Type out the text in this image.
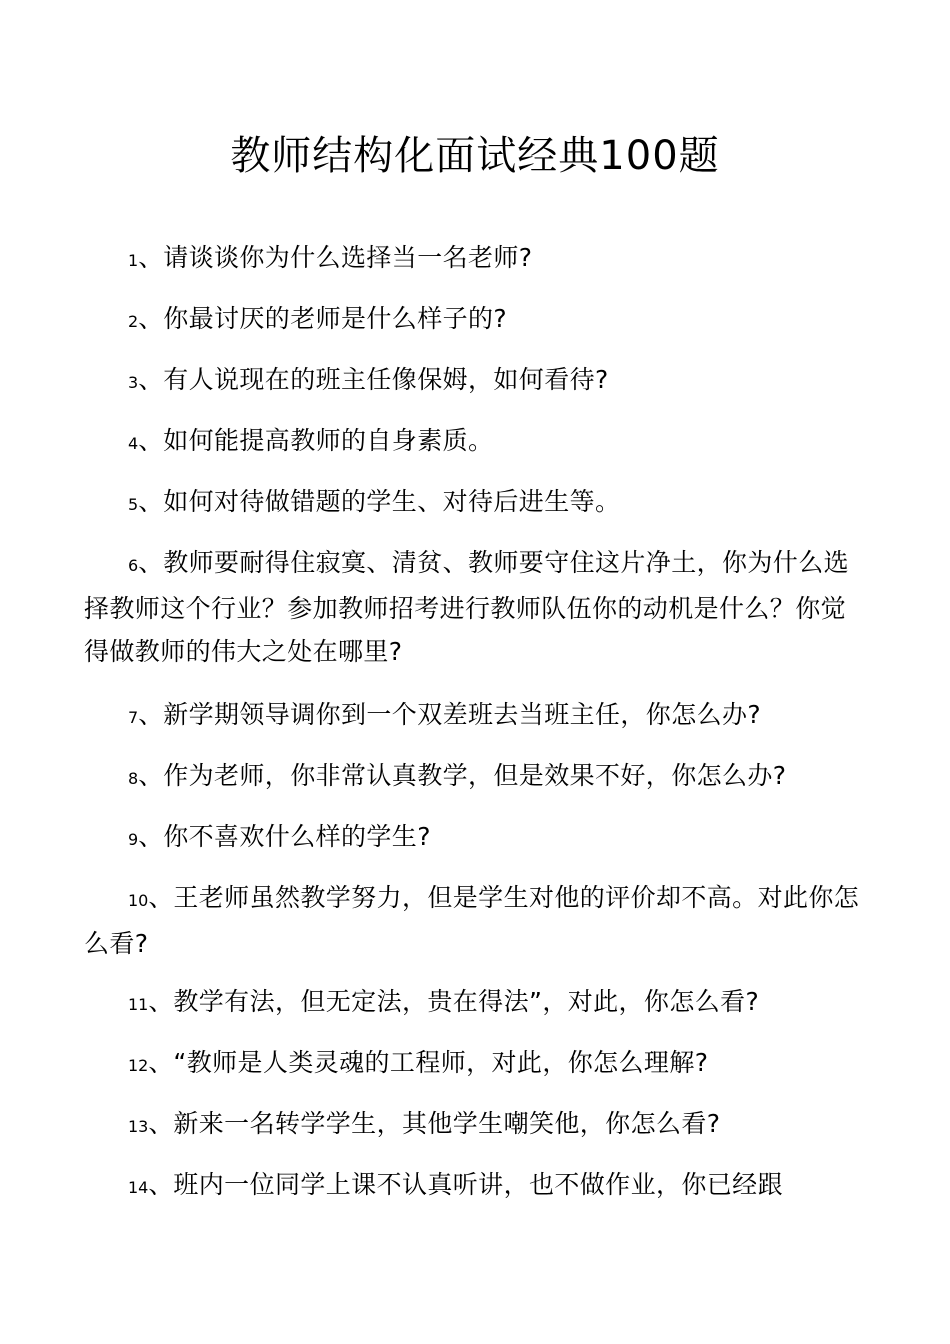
教师结构化面试经典100题

1、请谈谈你为什么选择当一名老师?

2、你最讨厌的老师是什么样子的?

3、有人说现在的班主任像保姆，如何看待?

4、如何能提高教师的自身素质。

5、如何对待做错题的学生、对待后进生等。

6、教师要耐得住寂寞、清贫、教师要守住这片净土，你为什么选择教师这个行业？参加教师招考进行教师队伍你的动机是什么？你觉得做教师的伟大之处在哪里?

7、新学期领导调你到一个双差班去当班主任，你怎么办?

8、作为老师，你非常认真教学，但是效果不好，你怎么办?

9、你不喜欢什么样的学生?

10、王老师虽然教学努力，但是学生对他的评价却不高。对此你怎么看?

11、教学有法，但无定法，贵在得法”，对此，你怎么看?

12、“教师是人类灵魂的工程师，对此，你怎么理解?

13、新来一名转学学生，其他学生嘲笑他，你怎么看?

14、班内一位同学上课不认真听讲，也不做作业，你已经跟
